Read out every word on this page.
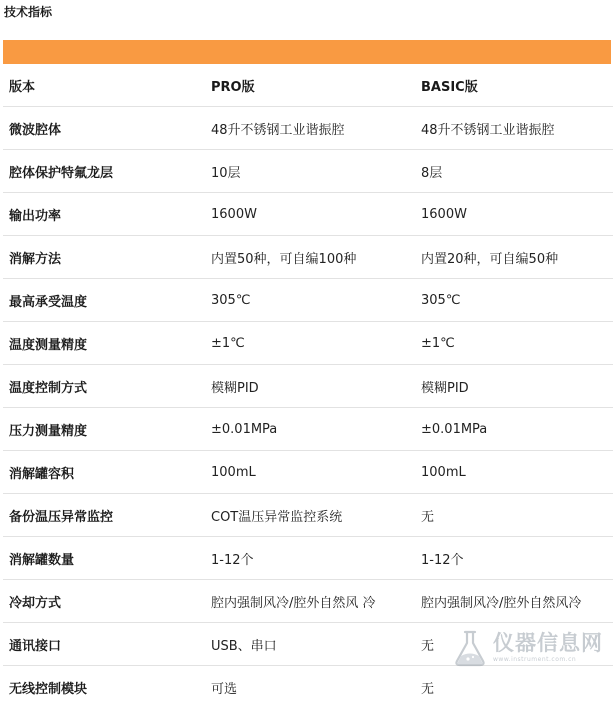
技术指标
版本	PRO版	BASIC版
微波腔体	48升不锈钢工业谐振腔	48升不锈钢工业谐振腔
腔体保护特氟龙层	10层	8层
输出功率	1600W	1600W
消解方法	内置50种，可自编100种	内置20种，可自编50种
最高承受温度	305℃	305℃
温度测量精度	±1℃	±1℃
温度控制方式	模糊PID	模糊PID
压力测量精度	±0.01MPa	±0.01MPa
消解罐容积	100mL	100mL
备份温压异常监控	COT温压异常监控系统	无
消解罐数量	1-12个	1-12个
冷却方式	腔内强制风冷/腔外自然风 冷	腔内强制风冷/腔外自然风冷
通讯接口	USB、串口	无
无线控制模块	可选	无
仪器信息网
www.instrument.com.cn
